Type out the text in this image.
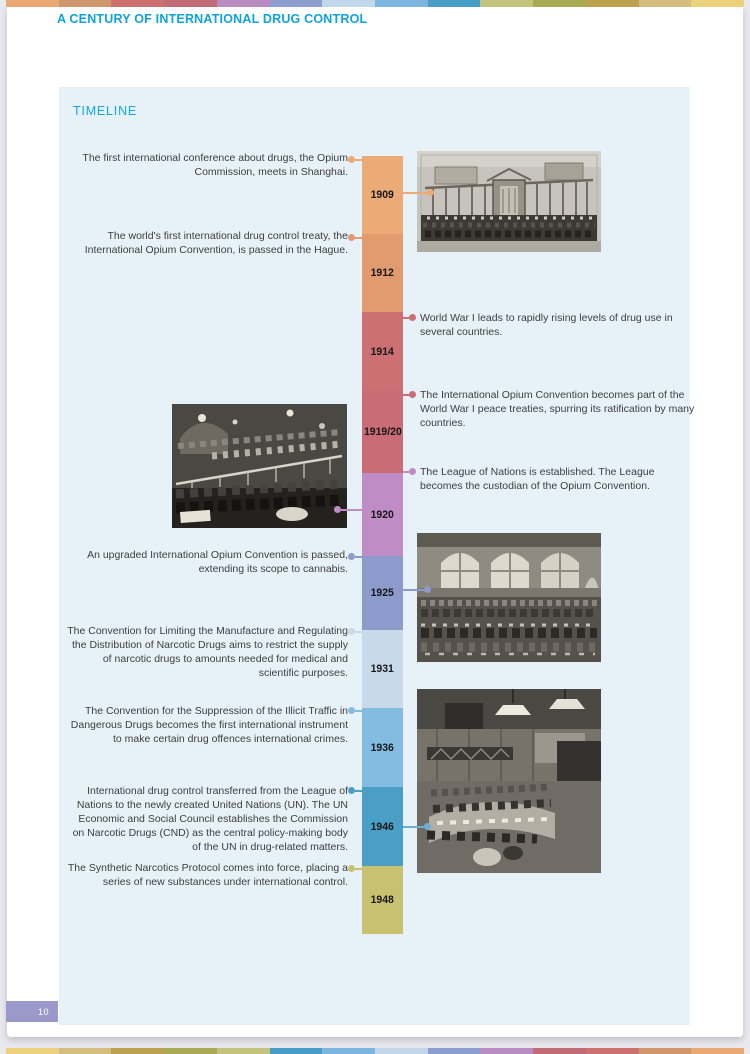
A CENTURY OF INTERNATIONAL DRUG CONTROL
TIMELINE
1909
1912
1914
1919/20
1920
1925
1931
1936
1946
1948
The first international conference about drugs, the Opium Commission, meets in Shanghai.
The world's first international drug control treaty, the International Opium Convention, is passed in the Hague.
World War I leads to rapidly rising levels of drug use in several countries.
The International Opium Convention becomes part of the World War I peace treaties, spurring its ratification by many countries.
The League of Nations is established. The League becomes the custodian of the Opium Convention.
An upgraded International Opium Convention is passed, extending its scope to cannabis.
The Convention for Limiting the Manufacture and Regulating the Distribution of Narcotic Drugs aims to restrict the supply of narcotic drugs to amounts needed for medical and scientific purposes.
The Convention for the Suppression of the Illicit Traffic in Dangerous Drugs becomes the first international instrument to make certain drug offences international crimes.
International drug control transferred from the League of Nations to the newly created United Nations (UN). The UN Economic and Social Council establishes the Commission on Narcotic Drugs (CND) as the central policy-making body of the UN in drug-related matters.
The Synthetic Narcotics Protocol comes into force, placing a series of new substances under international control.
10
